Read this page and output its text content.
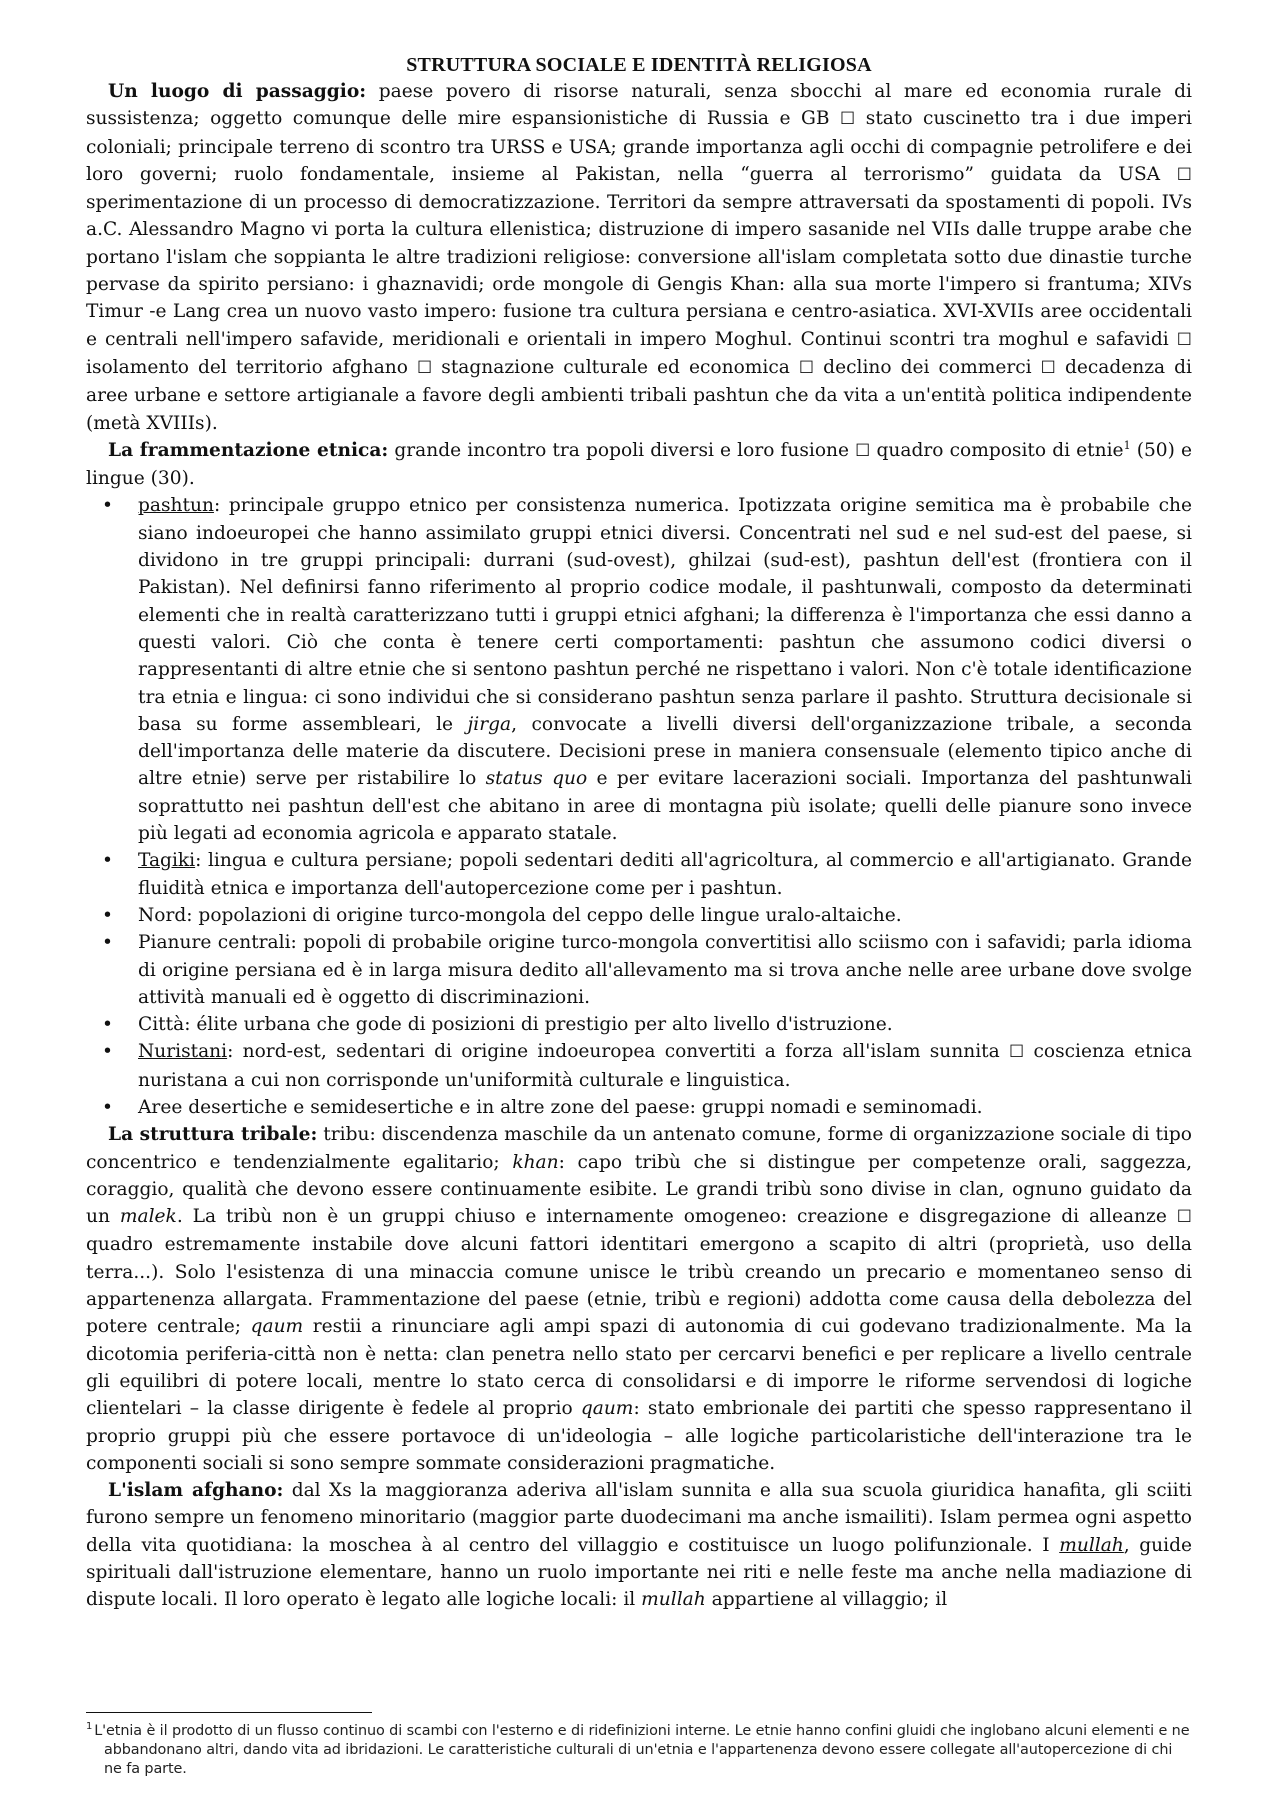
STRUTTURA SOCIALE E IDENTITÀ RELIGIOSA

Un luogo di passaggio: paese povero di risorse naturali, senza sbocchi al mare ed economia rurale di sussistenza; oggetto comunque delle mire espansionistiche di Russia e GB ☐ stato cuscinetto tra i due imperi coloniali; principale terreno di scontro tra URSS e USA; grande importanza agli occhi di compagnie petrolifere e dei loro governi; ruolo fondamentale, insieme al Pakistan, nella “guerra al terrorismo” guidata da USA ☐ sperimentazione di un processo di democratizzazione. Territori da sempre attraversati da spostamenti di popoli. IVs a.C. Alessandro Magno vi porta la cultura ellenistica; distruzione di impero sasanide nel VIIs dalle truppe arabe che portano l'islam che soppianta le altre tradizioni religiose: conversione all'islam completata sotto due dinastie turche pervase da spirito persiano: i ghaznavidi; orde mongole di Gengis Khan: alla sua morte l'impero si frantuma; XIVs Timur -e Lang crea un nuovo vasto impero: fusione tra cultura persiana e centro-asiatica. XVI-XVIIs aree occidentali e centrali nell'impero safavide, meridionali e orientali in impero Moghul. Continui scontri tra moghul e safavidi ☐ isolamento del territorio afghano ☐ stagnazione culturale ed economica ☐ declino dei commerci ☐ decadenza di aree urbane e settore artigianale a favore degli ambienti tribali pashtun che da vita a un'entità politica indipendente (metà XVIIIs).

La frammentazione etnica: grande incontro tra popoli diversi e loro fusione ☐ quadro composito di etnie$^1$ (50) e lingue (30).

• pashtun: principale gruppo etnico per consistenza numerica. Ipotizzata origine semitica ma è probabile che siano indoeuropei che hanno assimilato gruppi etnici diversi. Concentrati nel sud e nel sud-est del paese, si dividono in tre gruppi principali: durrani (sud-ovest), ghilzai (sud-est), pashtun dell'est (frontiera con il Pakistan). Nel definirsi fanno riferimento al proprio codice modale, il pashtunwali, composto da determinati elementi che in realtà caratterizzano tutti i gruppi etnici afghani; la differenza è l'importanza che essi danno a questi valori. Ciò che conta è tenere certi comportamenti: pashtun che assumono codici diversi o rappresentanti di altre etnie che si sentono pashtun perché ne rispettano i valori. Non c'è totale identificazione tra etnia e lingua: ci sono individui che si considerano pashtun senza parlare il pashto. Struttura decisionale si basa su forme assembleari, le jirga, convocate a livelli diversi dell'organizzazione tribale, a seconda dell'importanza delle materie da discutere. Decisioni prese in maniera consensuale (elemento tipico anche di altre etnie) serve per ristabilire lo status quo e per evitare lacerazioni sociali. Importanza del pashtunwali soprattutto nei pashtun dell'est che abitano in aree di montagna più isolate; quelli delle pianure sono invece più legati ad economia agricola e apparato statale.
• Tagiki: lingua e cultura persiane; popoli sedentari dediti all'agricoltura, al commercio e all'artigianato. Grande fluidità etnica e importanza dell'autopercezione come per i pashtun.
• Nord: popolazioni di origine turco-mongola del ceppo delle lingue uralo-altaiche.
• Pianure centrali: popoli di probabile origine turco-mongola convertitisi allo sciismo con i safavidi; parla idioma di origine persiana ed è in larga misura dedito all'allevamento ma si trova anche nelle aree urbane dove svolge attività manuali ed è oggetto di discriminazioni.
• Città: élite urbana che gode di posizioni di prestigio per alto livello d'istruzione.
• Nuristani: nord-est, sedentari di origine indoeuropea convertiti a forza all'islam sunnita ☐ coscienza etnica nuristana a cui non corrisponde un'uniformità culturale e linguistica.
• Aree desertiche e semidesertiche e in altre zone del paese: gruppi nomadi e seminomadi.

La struttura tribale: tribu: discendenza maschile da un antenato comune, forme di organizzazione sociale di tipo concentrico e tendenzialmente egalitario; khan: capo tribù che si distingue per competenze orali, saggezza, coraggio, qualità che devono essere continuamente esibite. Le grandi tribù sono divise in clan, ognuno guidato da un malek. La tribù non è un gruppi chiuso e internamente omogeneo: creazione e disgregazione di alleanze ☐ quadro estremamente instabile dove alcuni fattori identitari emergono a scapito di altri (proprietà, uso della terra...). Solo l'esistenza di una minaccia comune unisce le tribù creando un precario e momentaneo senso di appartenenza allargata. Frammentazione del paese (etnie, tribù e regioni) addotta come causa della debolezza del potere centrale; qaum restii a rinunciare agli ampi spazi di autonomia di cui godevano tradizionalmente. Ma la dicotomia periferia-città non è netta: clan penetra nello stato per cercarvi benefici e per replicare a livello centrale gli equilibri di potere locali, mentre lo stato cerca di consolidarsi e di imporre le riforme servendosi di logiche clientelari – la classe dirigente è fedele al proprio qaum: stato embrionale dei partiti che spesso rappresentano il proprio gruppi più che essere portavoce di un'ideologia – alle logiche particolaristiche dell'interazione tra le componenti sociali si sono sempre sommate considerazioni pragmatiche.

L'islam afghano: dal Xs la maggioranza aderiva all'islam sunnita e alla sua scuola giuridica hanafita, gli sciiti furono sempre un fenomeno minoritario (maggior parte duodecimani ma anche ismailiti). Islam permea ogni aspetto della vita quotidiana: la moschea à al centro del villaggio e costituisce un luogo polifunzionale. I mullah, guide spirituali dall'istruzione elementare, hanno un ruolo importante nei riti e nelle feste ma anche nella madiazione di dispute locali. Il loro operato è legato alle logiche locali: il mullah appartiene al villaggio; il

$^1$ L'etnia è il prodotto di un flusso continuo di scambi con l'esterno e di ridefinizioni interne. Le etnie hanno confini gluidi che inglobano alcuni elementi e ne abbandonano altri, dando vita ad ibridazioni. Le caratteristiche culturali di un'etnia e l'appartenenza devono essere collegate all'autopercezione di chi ne fa parte.
